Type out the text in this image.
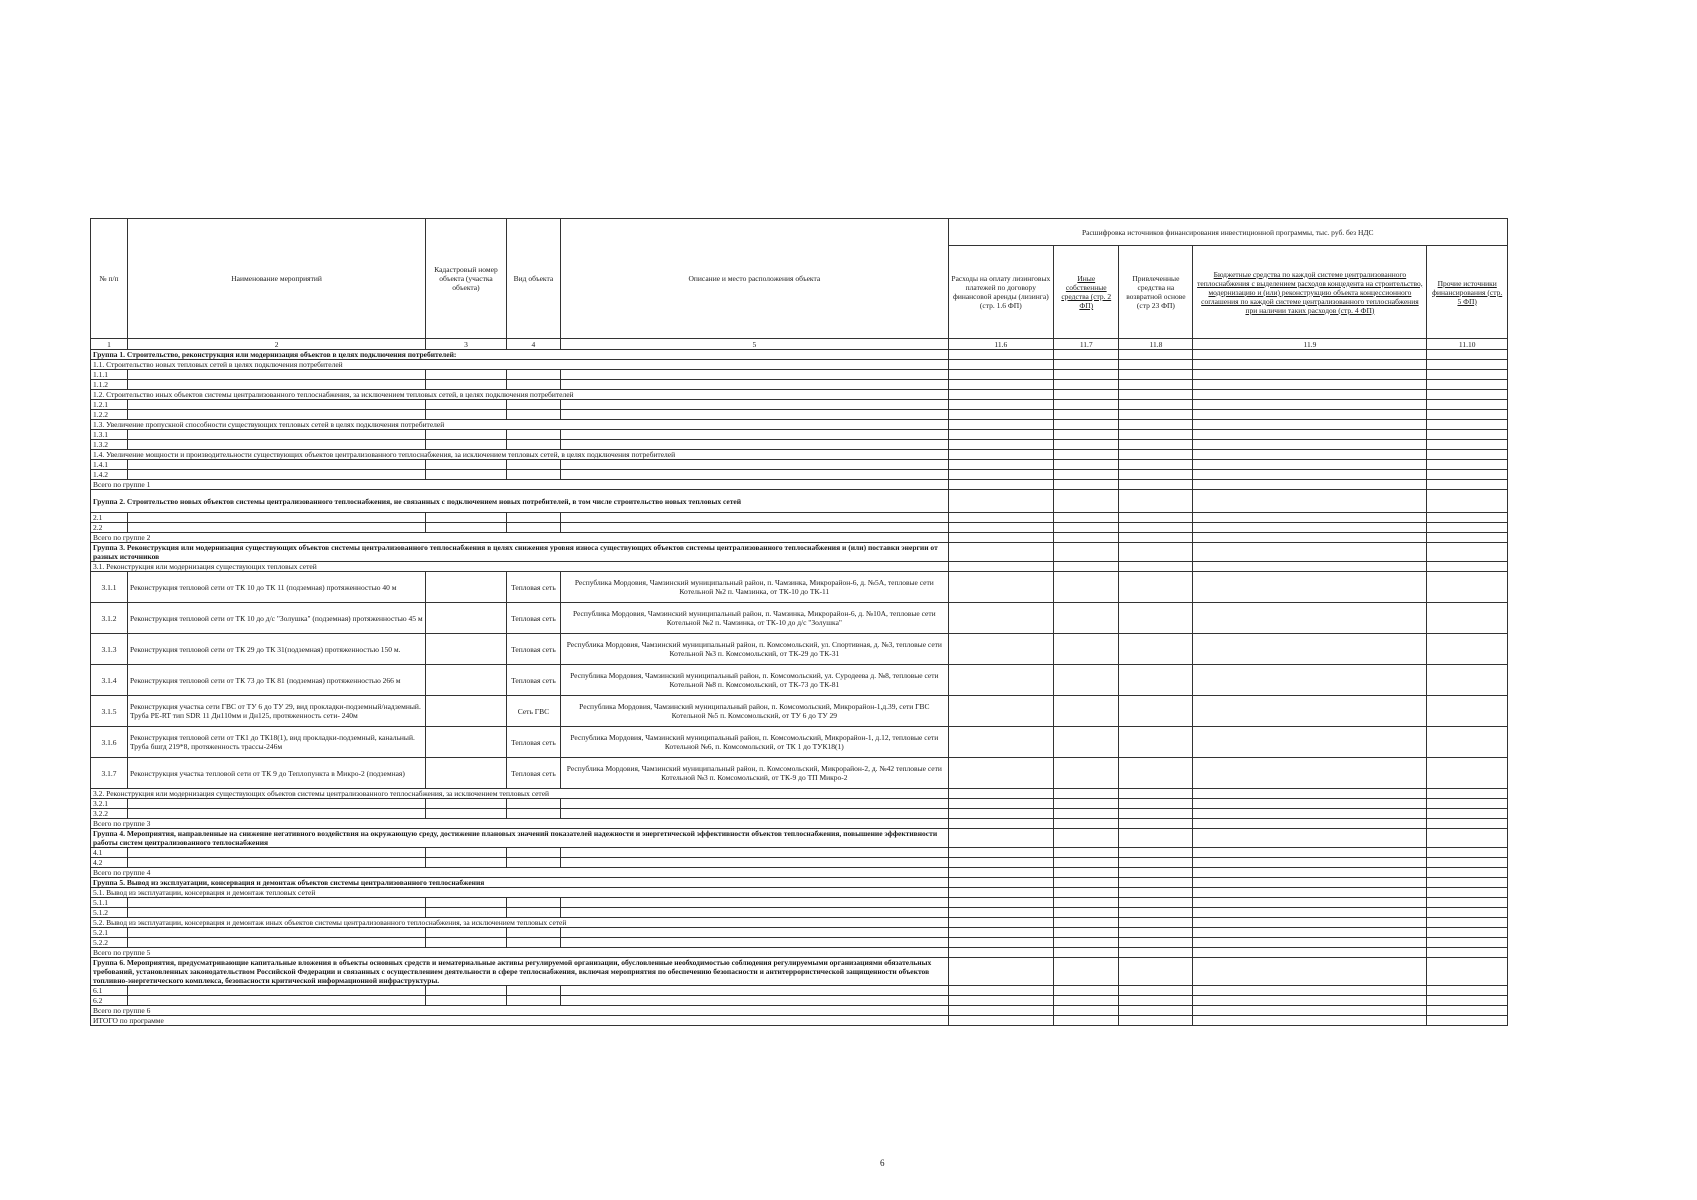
№ п/п	Наименование мероприятий	Кадастровый номер объекта (участка объекта)	Вид объекта	Описание и место расположения объекта	Расшифровка источников финансирования инвестиционной программы, тыс. руб. без НДС				
					Расходы на оплату лизинговых платежей по договору финансовой аренды (лизинга) (стр. 1.6 ФП)	Иные собственные средства (стр. 2 ФП)	Привлеченные средства на возвратной основе (стр 23 ФП)	Бюджетные средства по каждой системе централизованного теплоснабжения с выделением расходов концедента на строительство, модернизацию и (или) реконструкцию объекта концессионного соглашения по каждой системе централизованного теплоснабжения при наличии таких расходов (стр. 4 ФП)	Прочие источники финансирования (стр. 5 ФП)
1	2	3	4	5	11.6	11.7	11.8	11.9	11.10
Группа 1. Строительство, реконструкция или модернизация объектов в целях подключения потребителей:									
1.1. Строительство новых тепловых сетей в целях подключения потребителей									
1.1.1									
1.1.2									
1.2. Строительство иных объектов системы централизованного теплоснабжения, за исключением тепловых сетей, в целях подключения потребителей									
1.2.1									
1.2.2									
1.3. Увеличение пропускной способности существующих тепловых сетей в целях подключения потребителей									
1.3.1									
1.3.2									
1.4. Увеличение мощности и производительности существующих объектов централизованного теплоснабжения, за исключением тепловых сетей, в целях подключения потребителей									
1.4.1									
1.4.2									
Всего по группе 1									
Группа 2. Строительство новых объектов системы централизованного теплоснабжения, не связанных с подключением новых потребителей, в том числе строительство новых тепловых сетей									
2.1									
2.2									
Всего по группе 2									
Группа 3. Реконструкция или модернизация существующих объектов системы централизованного теплоснабжения в целях снижения уровня износа существующих объектов системы централизованного теплоснабжения и (или) поставки энергии от разных источников									
3.1. Реконструкция или модернизация существующих тепловых сетей									
3.1.1	Реконструкция тепловой сети от ТК 10 до ТК 11 (подземная) протяженностью 40 м		Тепловая сеть	Республика Мордовия, Чамзинский муниципальный район, п. Чамзинка, Микрорайон-6, д. №5А, тепловые сети Котельной №2 п. Чамзинка, от ТК-10 до ТК-11					
3.1.2	Реконструкция тепловой сети от ТК 10 до д/с "Золушка" (подземная) протяженностью 45 м		Тепловая сеть	Республика Мордовия, Чамзинский муниципальный район, п. Чамзинка, Микрорайон-6, д. №10А, тепловые сети Котельной №2 п. Чамзинка, от ТК-10 до д/с "Золушка"					
3.1.3	Реконструкция тепловой сети от ТК 29 до ТК 31(подземная) протяженностью 150 м.		Тепловая сеть	Республика Мордовия, Чамзинский муниципальный район, п. Комсомольский, ул. Спортивная, д. №3, тепловые сети Котельной №3 п. Комсомольский, от ТК-29 до ТК-31					
3.1.4	Реконструкция тепловой сети от ТК 73 до ТК 81 (подземная) протяженностью 266 м		Тепловая сеть	Республика Мордовия, Чамзинский муниципальный район, п. Комсомольский, ул. Суродеева д. №8, тепловые сети Котельной №8 п. Комсомольский, от ТК-73 до ТК-81					
3.1.5	Реконструкция участка сети ГВС от ТУ 6 до ТУ 29, вид прокладки-подземный/надземный. Труба PE-RT тип SDR 11 Дн110мм и Дн125, протяженность сети- 240м		Сеть ГВС	Республика Мордовия, Чамзинский муниципальный район, п. Комсомольский, Микрорайон-1,д.39, сети ГВС Котельной №5 п. Комсомольский, от ТУ 6 до ТУ 29					
3.1.6	Реконструкция тепловой сети от ТК1 до ТК18(1), вид прокладки-подземный, канальный. Труба бшгд 219*8, протяженность трассы-246м		Тепловая сеть	Республика Мордовия, Чамзинский муниципальный район, п. Комсомольский, Микрорайон-1, д.12, тепловые сети Котельной №6, п. Комсомольский, от ТК 1 до ТУК18(1)					
3.1.7	Реконструкция участка тепловой сети от ТК 9 до Теплопункта в Микро-2 (подземная)		Тепловая сеть	Республика Мордовия, Чамзинский муниципальный район, п. Комсомольский, Микрорайон-2, д. №42 тепловые сети Котельной №3 п. Комсомольский, от ТК-9 до ТП Микро-2					
3.2. Реконструкция или модернизация существующих объектов системы централизованного теплоснабжения, за исключением тепловых сетей									
3.2.1									
3.2.2									
Всего по группе 3									
Группа 4. Мероприятия, направленные на снижение негативного воздействия на окружающую среду, достижение плановых значений показателей надежности и энергетической эффективности объектов теплоснабжения, повышение эффективности работы систем централизованного теплоснабжения									
4.1									
4.2									
Всего по группе 4									
Группа 5. Вывод из эксплуатации, консервация и демонтаж объектов системы централизованного теплоснабжения									
5.1. Вывод из эксплуатации, консервация и демонтаж тепловых сетей									
5.1.1									
5.1.2									
5.2. Вывод из эксплуатации, консервация и демонтаж иных объектов системы централизованного теплоснабжения, за исключением тепловых сетей									
5.2.1									
5.2.2									
Всего по группе 5									
Группа 6. Мероприятия, предусматривающие капитальные вложения в объекты основных средств и нематериальные активы регулируемой организации, обусловленные необходимостью соблюдения регулируемыми организациями обязательных требований, установленных законодательством Российской Федерации и связанных с осуществлением деятельности в сфере теплоснабжения, включая мероприятия по обеспечению безопасности и антитеррористической защищенности объектов топливно-энергетического комплекса, безопасности критической информационной инфраструктуры.									
6.1									
6.2									
Всего по группе 6									
ИТОГО по программе									
6
